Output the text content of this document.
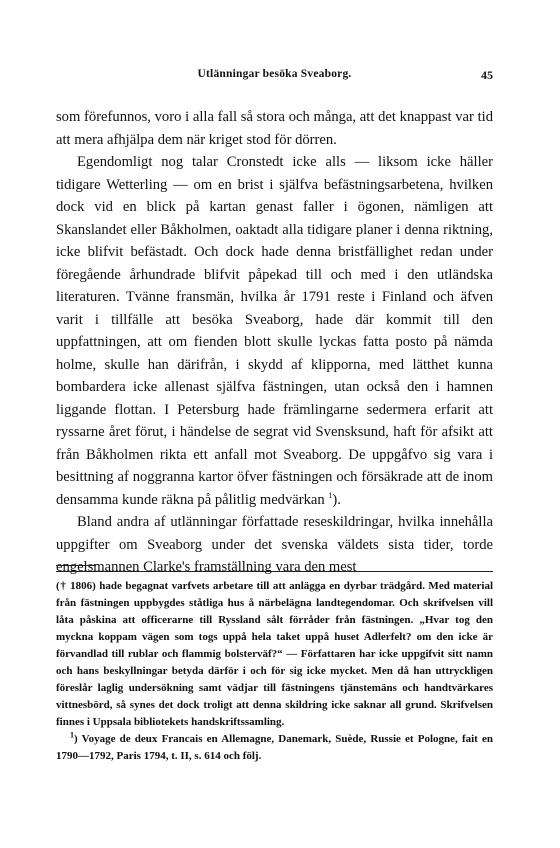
Utlänningar besöka Sveaborg.	45

som förefunnos, voro i alla fall så stora och många, att det knappast var tid att mera afhjälpa dem när kriget stod för dörren.

Egendomligt nog talar Cronstedt icke alls — liksom icke häller tidigare Wetterling — om en brist i själfva befästningsarbetena, hvilken dock vid en blick på kartan genast faller i ögonen, nämligen att Skanslandet eller Båkholmen, oaktadt alla tidigare planer i denna riktning, icke blifvit befästadt. Och dock hade denna bristfällighet redan under föregående århundrade blifvit påpekad till och med i den utländska literaturen. Tvänne fransmän, hvilka år 1791 reste i Finland och äfven varit i tillfälle att besöka Sveaborg, hade där kommit till den uppfattningen, att om fienden blott skulle lyckas fatta posto på nämda holme, skulle han därifrån, i skydd af klipporna, med lätthet kunna bombardera icke allenast själfva fästningen, utan också den i hamnen liggande flottan. I Petersburg hade främlingarne sedermera erfarit att ryssarne året förut, i händelse de segrat vid Svensksund, haft för afsikt att från Båkholmen rikta ett anfall mot Sveaborg. De uppgåfvo sig vara i besittning af noggranna kartor öfver fästningen och försäkrade att de inom densamma kunde räkna på pålitlig medvärkan $^1$).

Bland andra af utlänningar författade reseskildringar, hvilka innehålla uppgifter om Sveaborg under det svenska väldets sista tider, torde engelsmannen Clarke's framställning vara den mest

(† 1806) hade begagnat varfvets arbetare till att anlägga en dyrbar trädgård. Med material från fästningen uppbygdes ståtliga hus å närbelägna landtegendomar. Och skrifvelsen vill låta påskina att officerarne till Ryssland sålt förråder från fästningen. „Hvar tog den myckna koppam vägen som togs uppå hela taket uppå huset Adlerfelt? om den icke är förvandlad till rublar och flammig bolsterväf?“ — Författaren har icke uppgifvit sitt namn och hans beskyllningar betyda därför i och för sig icke mycket. Men då han uttryckligen föreslår laglig undersökning samt vädjar till fästningens tjänstemäns och handtvärkares vittnesbörd, så synes det dock troligt att denna skildring icke saknar all grund. Skrifvelsen finnes i Uppsala bibliotekets handskriftssamling.

$^1$) Voyage de deux Francais en Allemagne, Danemark, Suède, Russie et Pologne, fait en 1790—1792, Paris 1794, t. II, s. 614 och följ.
